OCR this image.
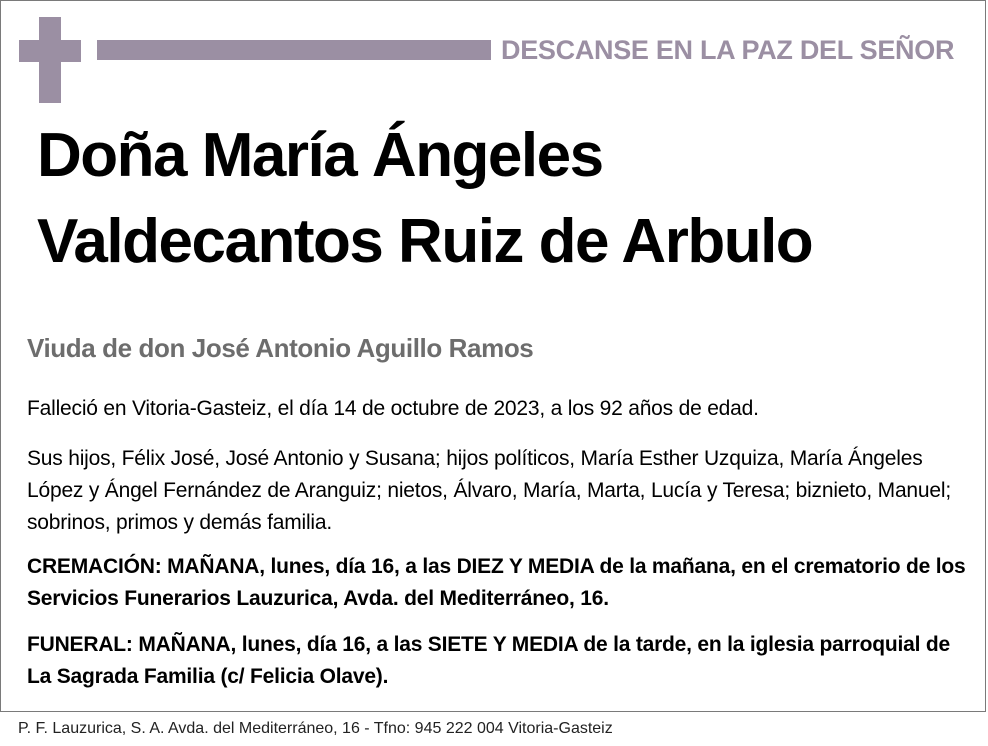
DESCANSE EN LA PAZ DEL SEÑOR
Doña María Ángeles
Valdecantos Ruiz de Arbulo
Viuda de don José Antonio Aguillo Ramos
Falleció en Vitoria-Gasteiz, el día 14 de octubre de 2023, a los 92 años de edad.
Sus hijos, Félix José, José Antonio y Susana; hijos políticos, María Esther Uzquiza, María Ángeles López y Ángel Fernández de Aranguiz; nietos, Álvaro, María, Marta, Lucía y Teresa; biznieto, Manuel; sobrinos, primos y demás familia.
CREMACIÓN: MAÑANA, lunes, día 16, a las DIEZ Y MEDIA de la mañana, en el crematorio de los Servicios Funerarios Lauzurica, Avda. del Mediterráneo, 16.
FUNERAL: MAÑANA, lunes, día 16, a las SIETE Y MEDIA de la tarde, en la iglesia parroquial de La Sagrada Familia (c/ Felicia Olave).
P. F. Lauzurica, S. A. Avda. del Mediterráneo, 16 - Tfno: 945 222 004 Vitoria-Gasteiz
